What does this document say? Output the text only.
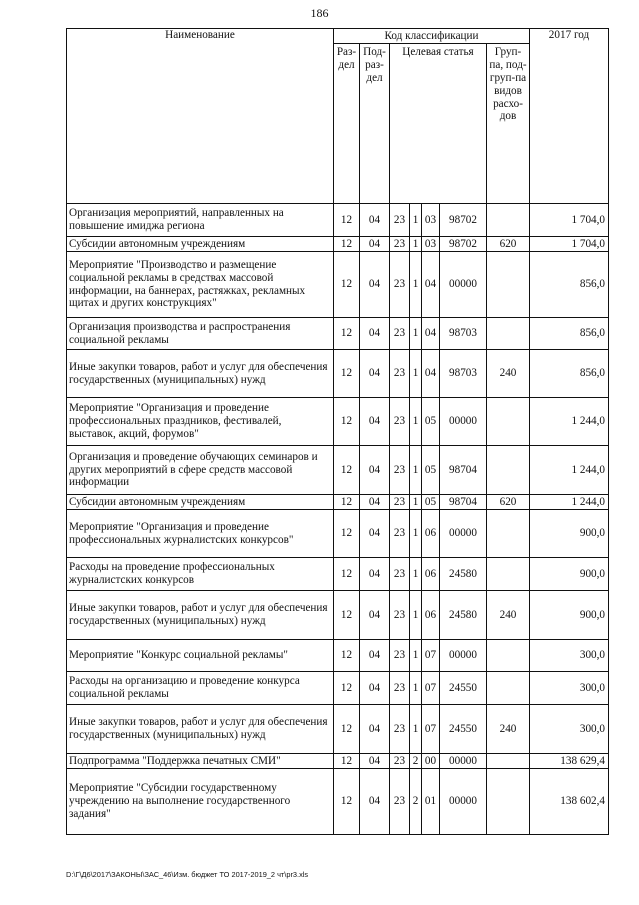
186
Наименование	Код классификации							2017 год
	Раз-дел	Под-раз-дел	Целевая статья				Груп-па, под-груп-па видов расхо-дов	
Организация мероприятий, направленных на повышение имиджа региона	12	04	23	1	03	98702		1 704,0
Субсидии автономным учреждениям	12	04	23	1	03	98702	620	1 704,0
Мероприятие "Производство и размещение социальной рекламы в средствах массовой информации, на баннерах, растяжках, рекламных щитах и других конструкциях"	12	04	23	1	04	00000		856,0
Организация производства и распространения социальной рекламы	12	04	23	1	04	98703		856,0
Иные закупки товаров, работ и услуг для обеспечения государственных (муниципальных) нужд	12	04	23	1	04	98703	240	856,0
Мероприятие "Организация и проведение профессиональных праздников, фестивалей, выставок, акций, форумов"	12	04	23	1	05	00000		1 244,0
Организация и проведение обучающих семинаров и других мероприятий в сфере средств массовой информации	12	04	23	1	05	98704		1 244,0
Субсидии автономным учреждениям	12	04	23	1	05	98704	620	1 244,0
Мероприятие "Организация и проведение профессиональных журналистских конкурсов"	12	04	23	1	06	00000		900,0
Расходы на проведение профессиональных журналистских конкурсов	12	04	23	1	06	24580		900,0
Иные закупки товаров, работ и услуг для обеспечения государственных (муниципальных) нужд	12	04	23	1	06	24580	240	900,0
Мероприятие "Конкурс социальной рекламы"	12	04	23	1	07	00000		300,0
Расходы на организацию и проведение конкурса социальной рекламы	12	04	23	1	07	24550		300,0
Иные закупки товаров, работ и услуг для обеспечения государственных (муниципальных) нужд	12	04	23	1	07	24550	240	300,0
Подпрограмма "Поддержка печатных СМИ"	12	04	23	2	00	00000		138 629,4
Мероприятие "Субсидии государственному учреждению на выполнение государственного задания"	12	04	23	2	01	00000		138 602,4
D:\Г\Д6\2017\ЗАКОНЫ\ЗАС_46\Изм. бюджет ТО 2017-2019_2 чт\pr3.xls
